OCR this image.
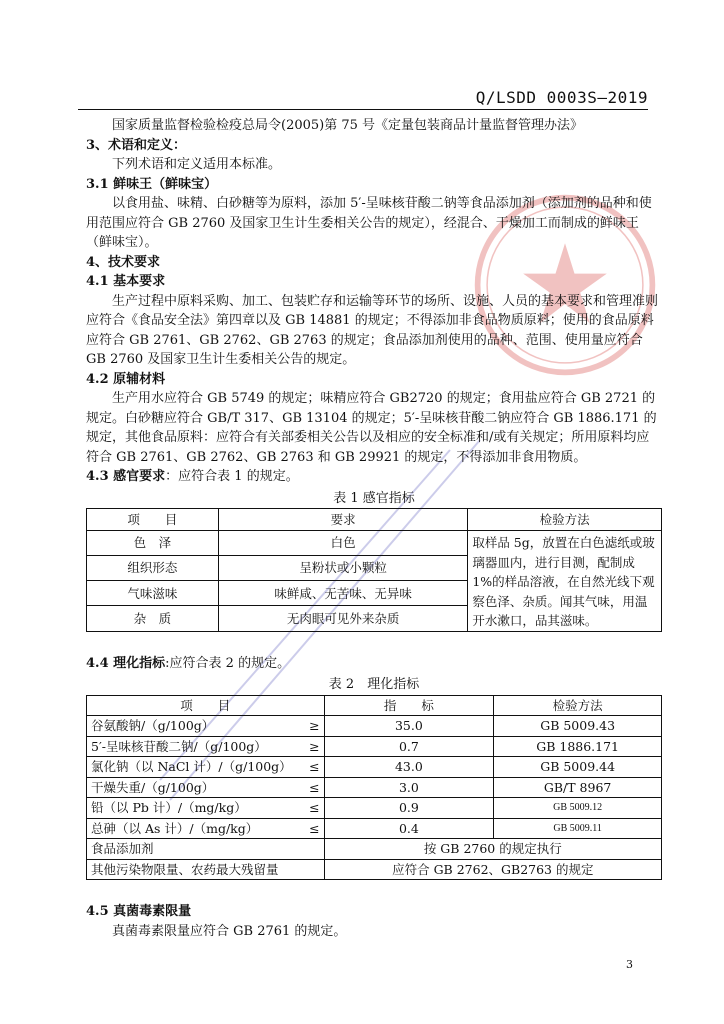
Q/LSDD 0003S—2019

国家质量监督检验检疫总局令(2005)第 75 号《定量包装商品计量监督管理办法》

3、术语和定义：

下列术语和定义适用本标准。

3.1 鲜味王（鲜味宝）

以食用盐、味精、白砂糖等为原料，添加 5′-呈味核苷酸二钠等食品添加剂（添加剂的品种和使用范围应符合 GB 2760 及国家卫生计生委相关公告的规定），经混合、干燥加工而制成的鲜味王（鲜味宝）。

4、技术要求

4.1 基本要求

生产过程中原料采购、加工、包装贮存和运输等环节的场所、设施、人员的基本要求和管理准则应符合《食品安全法》第四章以及 GB 14881 的规定；不得添加非食品物质原料；使用的食品原料应符合 GB 2761、GB 2762、GB 2763 的规定；食品添加剂使用的品种、范围、使用量应符合 GB 2760 及国家卫生计生委相关公告的规定。

4.2 原辅材料

生产用水应符合 GB 5749 的规定；味精应符合 GB2720 的规定；食用盐应符合 GB 2721 的规定。白砂糖应符合 GB/T 317、GB 13104 的规定；5′-呈味核苷酸二钠应符合 GB 1886.171 的规定，其他食品原料：应符合有关部委相关公告以及相应的安全标准和/或有关规定；所用原料均应符合 GB 2761、GB 2762、GB 2763 和 GB 29921 的规定，不得添加非食用物质。

4.3 感官要求：应符合表 1 的规定。

表 1 感官指标

项　　目	要求	检验方法
色　泽	白色	取样品 5g，放置在白色滤纸或玻璃器皿内，进行目测，配制成 1%的样品溶液，在自然光线下观察色泽、杂质。闻其气味，用温开水漱口，品其滋味。
组织形态	呈粉状或小颗粒	
气味滋味	味鲜咸、无苦味、无异味	
杂　质	无肉眼可见外来杂质	

4.4 理化指标:应符合表 2 的规定。

表 2　理化指标

项　　目	指　　标	检验方法
谷氨酸钠/（g/100g） ≥	35.0	GB 5009.43
5′-呈味核苷酸二钠/（g/100g） ≥	0.7	GB 1886.171
氯化钠（以 NaCl 计）/（g/100g） ≤	43.0	GB 5009.44
干燥失重/（g/100g） ≤	3.0	GB/T 8967
铅（以 Pb 计）/（mg/kg） ≤	0.9	GB 5009.12
总砷（以 As 计）/（mg/kg） ≤	0.4	GB 5009.11
食品添加剂	按 GB 2760 的规定执行	
其他污染物限量、农药最大残留量	应符合 GB 2762、GB2763 的规定	

4.5 真菌毒素限量

真菌毒素限量应符合 GB 2761 的规定。

3
